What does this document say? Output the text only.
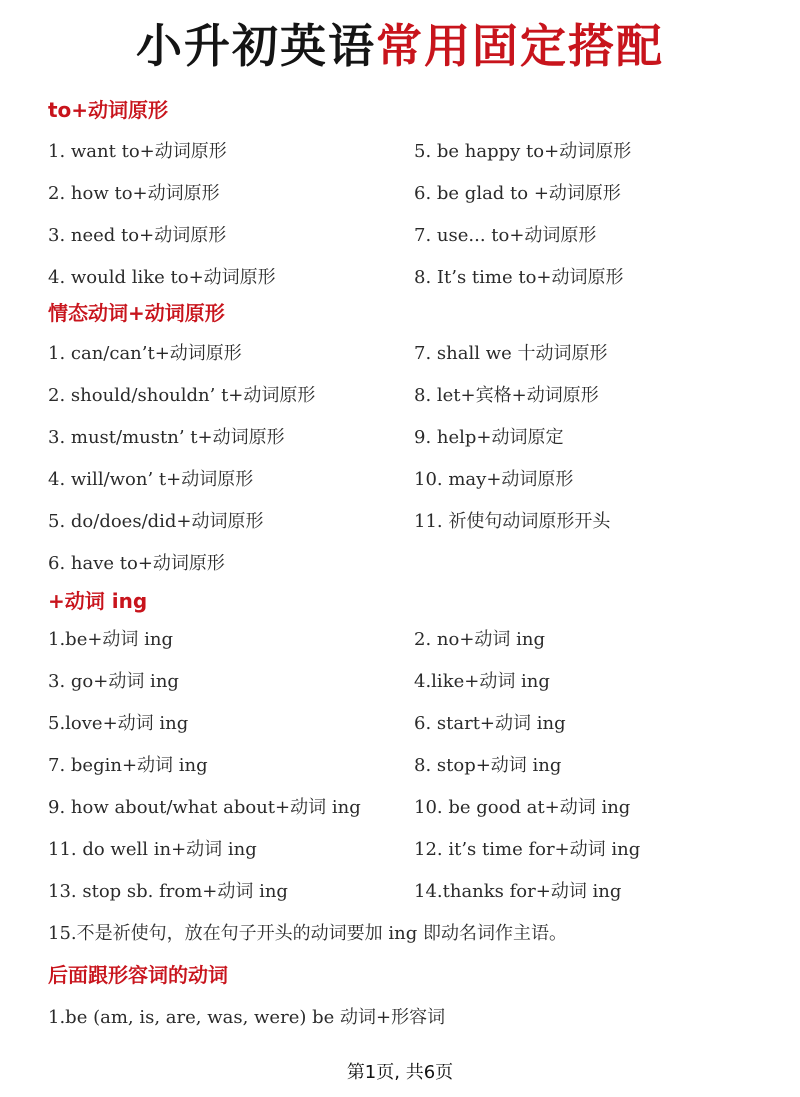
小升初英语常用固定搭配
to+动词原形
1. want to+动词原形
2. how to+动词原形
3. need to+动词原形
4. would like to+动词原形
5. be happy to+动词原形
6. be glad to +动词原形
7. use... to+动词原形
8. It’s time to+动词原形
情态动词+动词原形
1. can/can’t+动词原形
2. should/shouldn’ t+动词原形
3. must/mustn’ t+动词原形
4. will/won’ t+动词原形
5. do/does/did+动词原形
6. have to+动词原形
7. shall we 十动词原形
8. let+宾格+动词原形
9. help+动词原定
10. may+动词原形
11. 祈使句动词原形开头
+动词 ing
1.be+动词 ing
3. go+动词 ing
5.love+动词 ing
7. begin+动词 ing
9. how about/what about+动词 ing
11. do well in+动词 ing
13. stop sb. from+动词 ing
2. no+动词 ing
4.like+动词 ing
6. start+动词 ing
8. stop+动词 ing
10. be good at+动词 ing
12. it’s time for+动词 ing
14.thanks for+动词 ing
15.不是祈使句，放在句子开头的动词要加 ing 即动名词作主语。
后面跟形容词的动词
1.be (am, is, are, was, were) be 动词+形容词
第1页, 共6页
